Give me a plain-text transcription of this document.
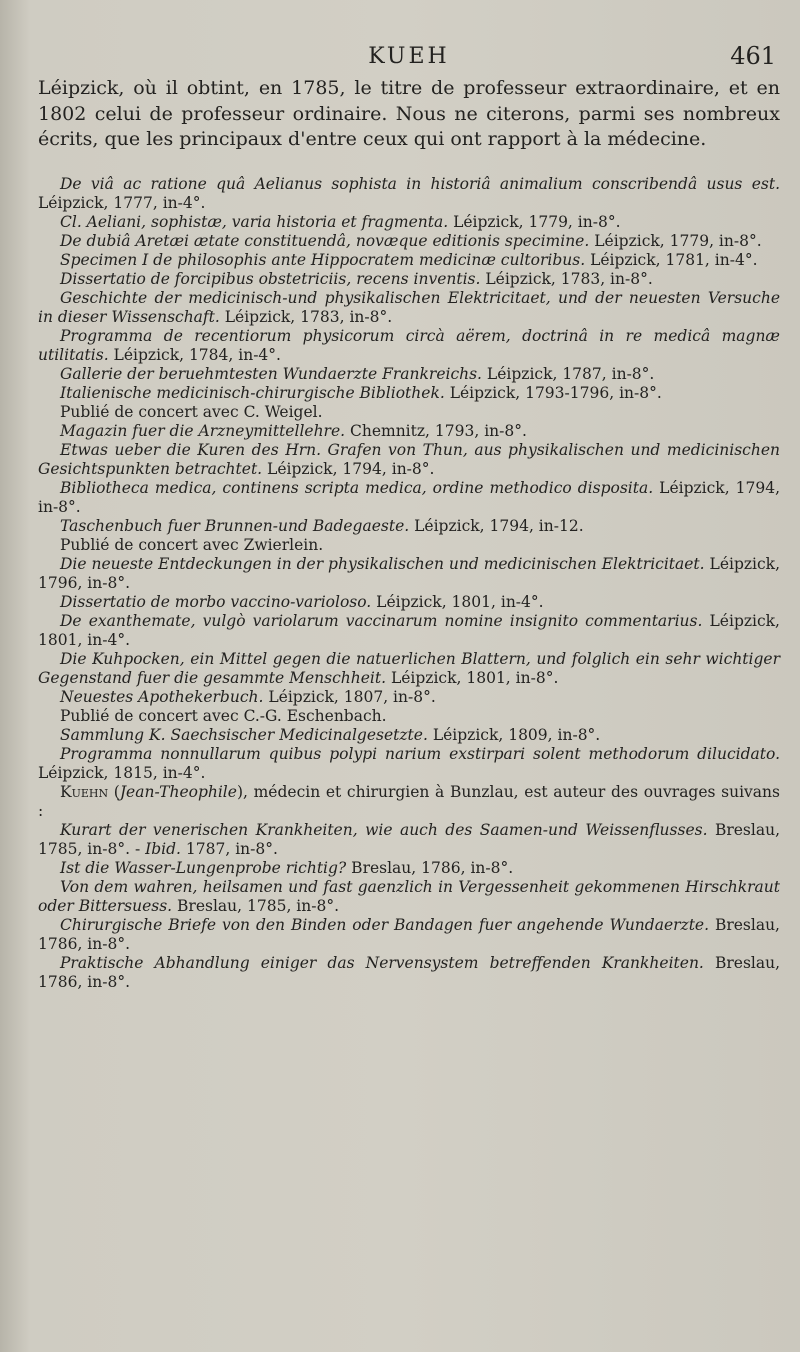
KUEH	461

Léipzick, où il obtint, en 1785, le titre de professeur extraordinaire, et en 1802 celui de professeur ordinaire. Nous ne citerons, parmi ses nombreux écrits, que les principaux d'entre ceux qui ont rapport à la médecine.

De viâ ac ratione quâ Aelianus sophista in historiâ animalium conscribendâ usus est. Léipzick, 1777, in-4°.

Cl. Aeliani, sophistæ, varia historia et fragmenta. Léipzick, 1779, in-8°.

De dubiâ Aretæi ætate constituendâ, novæque editionis specimine. Léipzick, 1779, in-8°.

Specimen I de philosophis ante Hippocratem medicinæ cultoribus. Léipzick, 1781, in-4°.

Dissertatio de forcipibus obstetriciis, recens inventis. Léipzick, 1783, in-8°.

Geschichte der medicinisch-und physikalischen Elektricitaet, und der neuesten Versuche in dieser Wissenschaft. Léipzick, 1783, in-8°.

Programma de recentiorum physicorum circà aërem, doctrinâ in re medicâ magnæ utilitatis. Léipzick, 1784, in-4°.

Gallerie der beruehmtesten Wundaerzte Frankreichs. Léipzick, 1787, in-8°.

Italienische medicinisch-chirurgische Bibliothek. Léipzick, 1793-1796, in-8°.

Publié de concert avec C. Weigel.

Magazin fuer die Arzneymittellehre. Chemnitz, 1793, in-8°.

Etwas ueber die Kuren des Hrn. Grafen von Thun, aus physikalischen und medicinischen Gesichtspunkten betrachtet. Léipzick, 1794, in-8°.

Bibliotheca medica, continens scripta medica, ordine methodico disposita. Léipzick, 1794, in-8°.

Taschenbuch fuer Brunnen-und Badegaeste. Léipzick, 1794, in-12.

Publié de concert avec Zwierlein.

Die neueste Entdeckungen in der physikalischen und medicinischen Elektricitaet. Léipzick, 1796, in-8°.

Dissertatio de morbo vaccino-varioloso. Léipzick, 1801, in-4°.

De exanthemate, vulgò variolarum vaccinarum nomine insignito commentarius. Léipzick, 1801, in-4°.

Die Kuhpocken, ein Mittel gegen die natuerlichen Blattern, und folglich ein sehr wichtiger Gegenstand fuer die gesammte Menschheit. Léipzick, 1801, in-8°.

Neuestes Apothekerbuch. Léipzick, 1807, in-8°.

Publié de concert avec C.-G. Eschenbach.

Sammlung K. Saechsischer Medicinalgesetzte. Léipzick, 1809, in-8°.

Programma nonnullarum quibus polypi narium exstirpari solent methodorum dilucidato. Léipzick, 1815, in-4°.

Kuehn (Jean-Theophile), médecin et chirurgien à Bunzlau, est auteur des ouvrages suivans :

Kurart der venerischen Krankheiten, wie auch des Saamen-und Weissenflusses. Breslau, 1785, in-8°. - Ibid. 1787, in-8°.

Ist die Wasser-Lungenprobe richtig? Breslau, 1786, in-8°.

Von dem wahren, heilsamen und fast gaenzlich in Vergessenheit gekommenen Hirschkraut oder Bittersuess. Breslau, 1785, in-8°.

Chirurgische Briefe von den Binden oder Bandagen fuer angehende Wundaerzte. Breslau, 1786, in-8°.

Praktische Abhandlung einiger das Nervensystem betreffenden Krankheiten. Breslau, 1786, in-8°.
